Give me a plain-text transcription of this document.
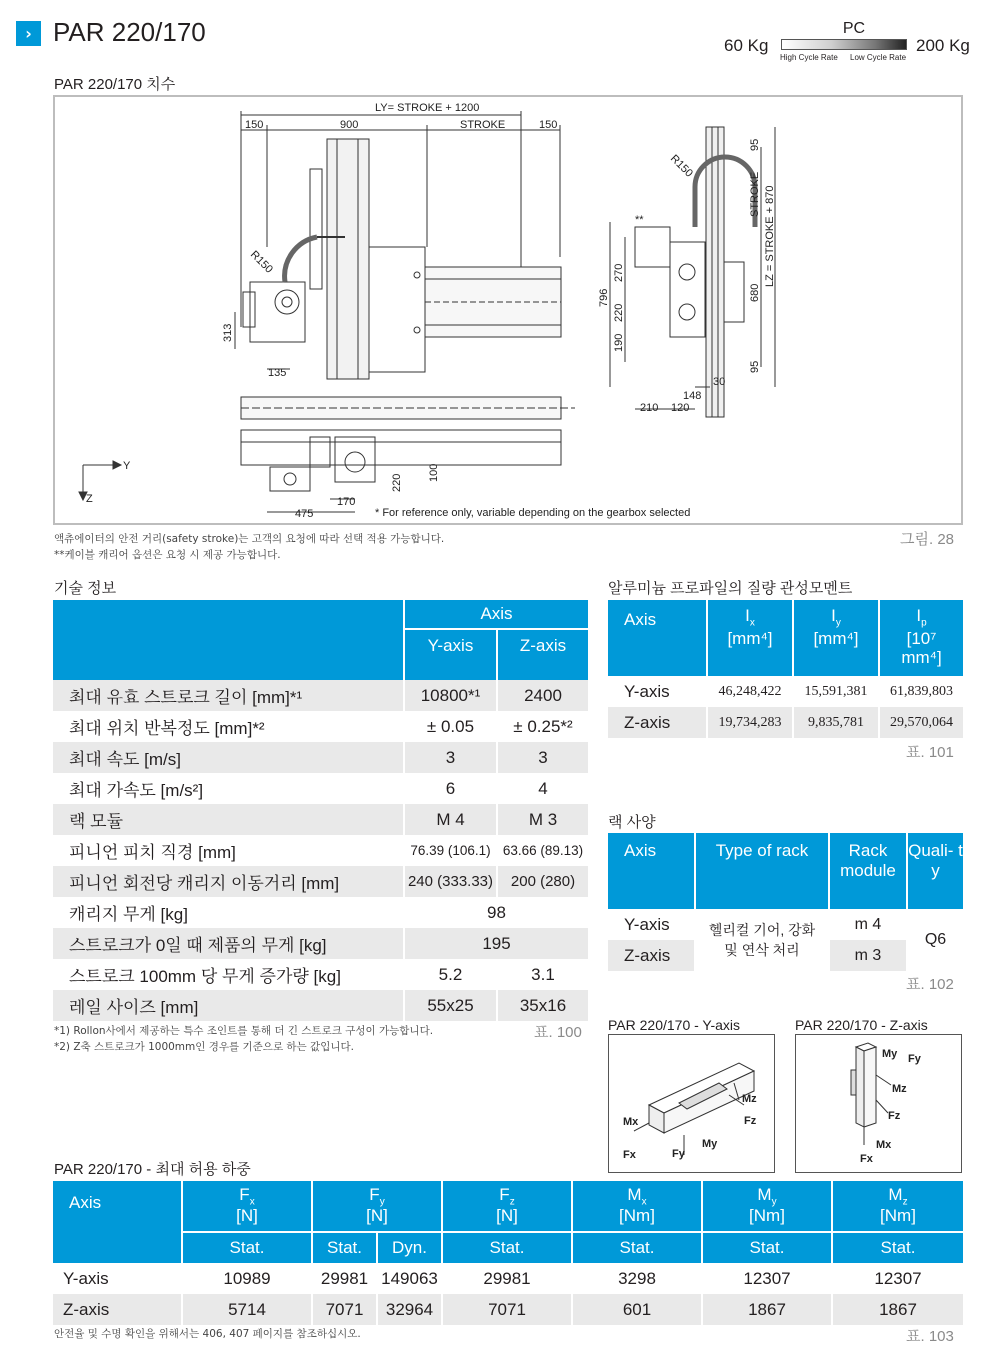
› PAR 220/170	PC
60 Kg	200 Kg
High Cycle Rate Low Cycle Rate
PAR 220/170 치수
LY= STROKE + 1200
150	900	STROKE	150
R150
R150
313
135
796
270
220
190
680
95
95
STROKE LZ = STROKE + 870
30
148
210 120
475
170
220
100
Y
Z
**
* For reference only, variable depending on the gearbox selected
액츄에이터의 안전 거리(safety stroke)는 고객의 요청에 따라 선택 적용 가능합니다.
**케이블 캐리어 옵션은 요청 시 제공 가능합니다.
그림. 28
기술 정보
	Axis	
	Y-axis	Z-axis
최대 유효 스트로크 길이 [mm]*¹	10800*¹	2400
최대 위치 반복정도 [mm]*²	± 0.05	± 0.25*²
최대 속도 [m/s]	3	3
최대 가속도 [m/s²]	6	4
랙 모듈	M 4	M 3
피니언 피치 직경 [mm]	76.39 (106.1)	63.66 (89.13)
피니언 회전당 캐리지 이동거리 [mm]	240 (333.33)	200 (280)
캐리지 무게 [kg]	98	
스트로크가 0일 때 제품의 무게 [kg]	195	
스트로크 100mm 당 무게 증가량 [kg]	5.2	3.1
레일 사이즈 [mm]	55x25	35x16
*1) Rollon사에서 제공하는 특수 조인트를 통해 더 긴 스트로크 구성이 가능합니다.
*2) Z축 스트로크가 1000mm인 경우를 기준으로 하는 값입니다.
표. 100
알루미늄 프로파일의 질량 관성모멘트
Axis	$I_x$
[mm⁴]	$I_y$
[mm⁴]	$I_p$
[10⁷
mm⁴]
Y-axis	46,248,422	15,591,381	61,839,803
Z-axis	19,734,283	9,835,781	29,570,064
표. 101
랙 사양
Axis	Type of rack	Rack module	Quali- ty
Y-axis	헬리컬 기어, 강화 및 연삭 처리	m 4	Q6
Z-axis		m 3	
표. 102
PAR 220/170 - Y-axis	PAR 220/170 - Z-axis
Mx
Mz
Fz
My
Fx	Fy
My Fy
Mz
Fz
Mx
Fx
PAR 220/170 - 최대 허용 하중
Axis	$F_x$
[N]	$F_y$
[N]		$F_z$
[N]	$M_x$
[Nm]	$M_y$
[Nm]	$M_z$
[Nm]
	Stat.	Stat.	Dyn.	Stat.	Stat.	Stat.	Stat.
Y-axis	10989	29981	149063	29981	3298	12307	12307
Z-axis	5714	7071	32964	7071	601	1867	1867
안전율 및 수명 확인을 위해서는 406, 407 페이지를 참조하십시오.	표. 103
